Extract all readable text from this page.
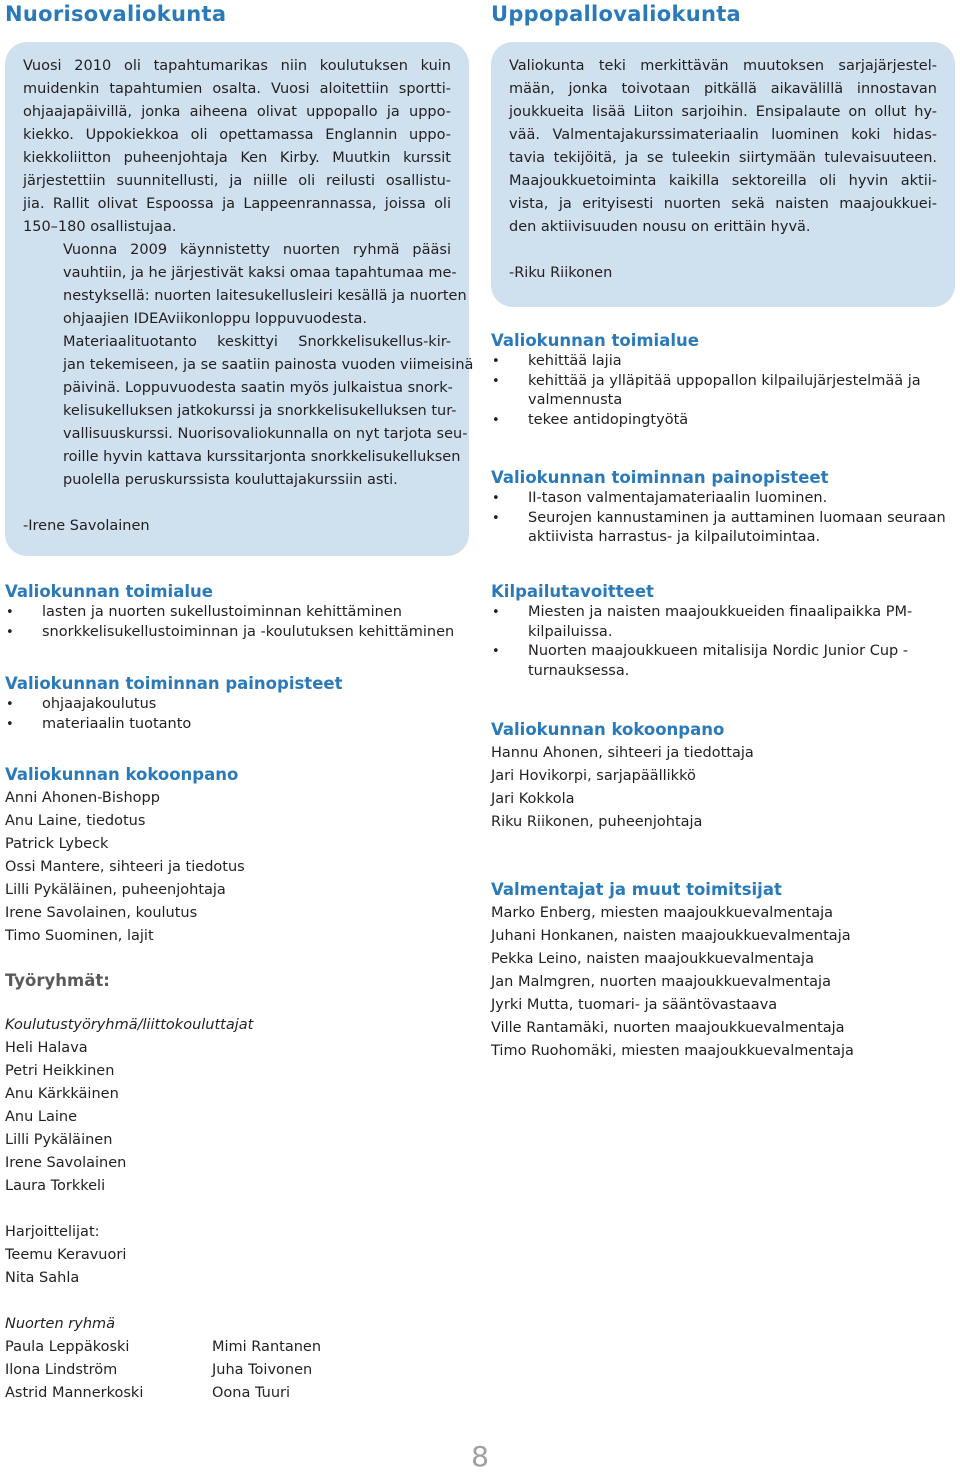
Nuorisovaliokunta	Uppopallovaliokunta

Vuosi 2010 oli tapahtumarikas niin koulutuksen kuin
muidenkin tapahtumien osalta. Vuosi aloitettiin sportti-
ohjaajapäivillä, jonka aiheena olivat uppopallo ja uppo-
kiekko. Uppokiekkoa oli opettamassa Englannin uppo-
kiekkoliitton puheenjohtaja Ken Kirby. Muutkin kurssit
järjestettiin suunnitellusti, ja niille oli reilusti osallistu-
jia. Rallit olivat Espoossa ja Lappeenrannassa, joissa oli
150–180 osallistujaa.

Vuonna 2009 käynnistetty nuorten ryhmä pääsi
vauhtiin, ja he järjestivät kaksi omaa tapahtumaa me-
nestyksellä: nuorten laitesukellusleiri kesällä ja nuorten
ohjaajien IDEAviikonloppu loppuvuodesta.

Materiaalituotanto keskittyi Snorkkelisukellus-kir-
jan tekemiseen, ja se saatiin painosta vuoden viimeisinä
päivinä. Loppuvuodesta saatin myös julkaistua snork-
kelisukelluksen jatkokurssi ja snorkkelisukelluksen tur-
vallisuuskurssi. Nuorisovaliokunnalla on nyt tarjota seu-
roille hyvin kattava kurssitarjonta snorkkelisukelluksen
puolella peruskurssista kouluttajakurssiin asti.

-Irene Savolainen

Valiokunta teki merkittävän muutoksen sarjajärjestel-
mään, jonka toivotaan pitkällä aikavälillä innostavan
joukkueita lisää Liiton sarjoihin. Ensipalaute on ollut hy-
vää. Valmentajakurssimateriaalin luominen koki hidas-
tavia tekijöitä, ja se tuleekin siirtymään tulevaisuuteen.
Maajoukkuetoiminta kaikilla sektoreilla oli hyvin aktii-
vista, ja erityisesti nuorten sekä naisten maajoukkuei-
den aktiivisuuden nousu on erittäin hyvä.

-Riku Riikonen

Valiokunnan toimialue
• kehittää lajia
• kehittää ja ylläpitää uppopallon kilpailujärjestelmää ja valmennusta
• tekee antidopingtyötä
Valiokunnan toiminnan painopisteet
• II-tason valmentajamateriaalin luominen.
• Seurojen kannustaminen ja auttaminen luomaan seuraan aktiivista harrastus- ja kilpailutoimintaa.
Kilpailutavoitteet
• Miesten ja naisten maajoukkueiden finaalipaikka PM-kilpailuissa.
• Nuorten maajoukkueen mitalisija Nordic Junior Cup -turnauksessa.
Valiokunnan kokoonpano

Hannu Ahonen, sihteeri ja tiedottaja

Jari Hovikorpi, sarjapäällikkö

Jari Kokkola

Riku Riikonen, puheenjohtaja

Valmentajat ja muut toimitsijat

Marko Enberg, miesten maajoukkuevalmentaja

Juhani Honkanen, naisten maajoukkuevalmentaja

Pekka Leino, naisten maajoukkuevalmentaja

Jan Malmgren, nuorten maajoukkuevalmentaja

Jyrki Mutta, tuomari- ja sääntövastaava

Ville Rantamäki, nuorten maajoukkuevalmentaja

Timo Ruohomäki, miesten maajoukkuevalmentaja

Valiokunnan toimialue
• lasten ja nuorten sukellustoiminnan kehittäminen
• snorkkelisukellustoiminnan ja -koulutuksen kehittäminen
Valiokunnan toiminnan painopisteet
• ohjaajakoulutus
• materiaalin tuotanto
Valiokunnan kokoonpano

Anni Ahonen-Bishopp

Anu Laine, tiedotus

Patrick Lybeck

Ossi Mantere, sihteeri ja tiedotus

Lilli Pykäläinen, puheenjohtaja

Irene Savolainen, koulutus

Timo Suominen, lajit

Työryhmät:

Koulutustyöryhmä/liittokouluttajat

Heli Halava

Petri Heikkinen

Anu Kärkkäinen

Anu Laine

Lilli Pykäläinen

Irene Savolainen

Laura Torkkeli

Harjoittelijat:

Teemu Keravuori

Nita Sahla

Nuorten ryhmä

Paula Leppäkoski

Ilona Lindström

Astrid Mannerkoski

Mimi Rantanen

Juha Toivonen

Oona Tuuri

8
